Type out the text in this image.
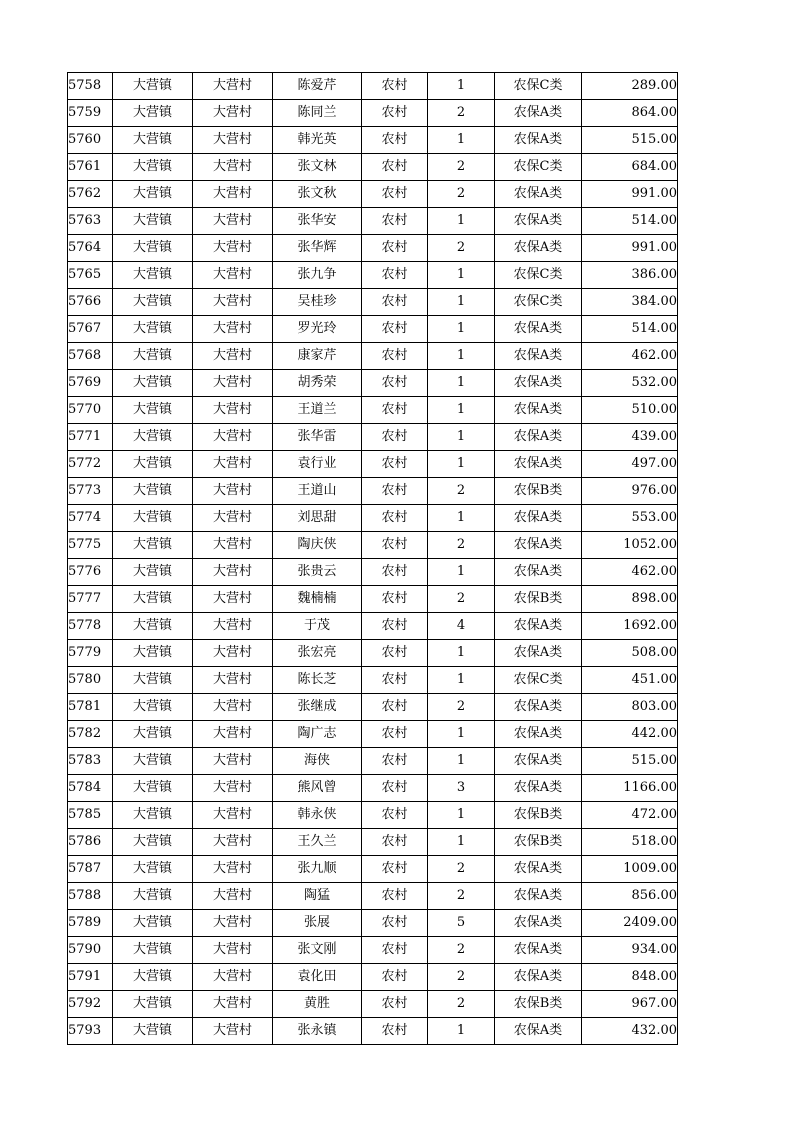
5758	大营镇	大营村	陈爱芹	农村	1	农保C类	289.00
5759	大营镇	大营村	陈同兰	农村	2	农保A类	864.00
5760	大营镇	大营村	韩光英	农村	1	农保A类	515.00
5761	大营镇	大营村	张文林	农村	2	农保C类	684.00
5762	大营镇	大营村	张文秋	农村	2	农保A类	991.00
5763	大营镇	大营村	张华安	农村	1	农保A类	514.00
5764	大营镇	大营村	张华辉	农村	2	农保A类	991.00
5765	大营镇	大营村	张九争	农村	1	农保C类	386.00
5766	大营镇	大营村	吴桂珍	农村	1	农保C类	384.00
5767	大营镇	大营村	罗光玲	农村	1	农保A类	514.00
5768	大营镇	大营村	康家芹	农村	1	农保A类	462.00
5769	大营镇	大营村	胡秀荣	农村	1	农保A类	532.00
5770	大营镇	大营村	王道兰	农村	1	农保A类	510.00
5771	大营镇	大营村	张华雷	农村	1	农保A类	439.00
5772	大营镇	大营村	袁行业	农村	1	农保A类	497.00
5773	大营镇	大营村	王道山	农村	2	农保B类	976.00
5774	大营镇	大营村	刘思甜	农村	1	农保A类	553.00
5775	大营镇	大营村	陶庆侠	农村	2	农保A类	1052.00
5776	大营镇	大营村	张贵云	农村	1	农保A类	462.00
5777	大营镇	大营村	魏楠楠	农村	2	农保B类	898.00
5778	大营镇	大营村	于茂	农村	4	农保A类	1692.00
5779	大营镇	大营村	张宏亮	农村	1	农保A类	508.00
5780	大营镇	大营村	陈长芝	农村	1	农保C类	451.00
5781	大营镇	大营村	张继成	农村	2	农保A类	803.00
5782	大营镇	大营村	陶广志	农村	1	农保A类	442.00
5783	大营镇	大营村	海侠	农村	1	农保A类	515.00
5784	大营镇	大营村	熊风曾	农村	3	农保A类	1166.00
5785	大营镇	大营村	韩永侠	农村	1	农保B类	472.00
5786	大营镇	大营村	王久兰	农村	1	农保B类	518.00
5787	大营镇	大营村	张九顺	农村	2	农保A类	1009.00
5788	大营镇	大营村	陶猛	农村	2	农保A类	856.00
5789	大营镇	大营村	张展	农村	5	农保A类	2409.00
5790	大营镇	大营村	张文刚	农村	2	农保A类	934.00
5791	大营镇	大营村	袁化田	农村	2	农保A类	848.00
5792	大营镇	大营村	黄胜	农村	2	农保B类	967.00
5793	大营镇	大营村	张永镇	农村	1	农保A类	432.00
